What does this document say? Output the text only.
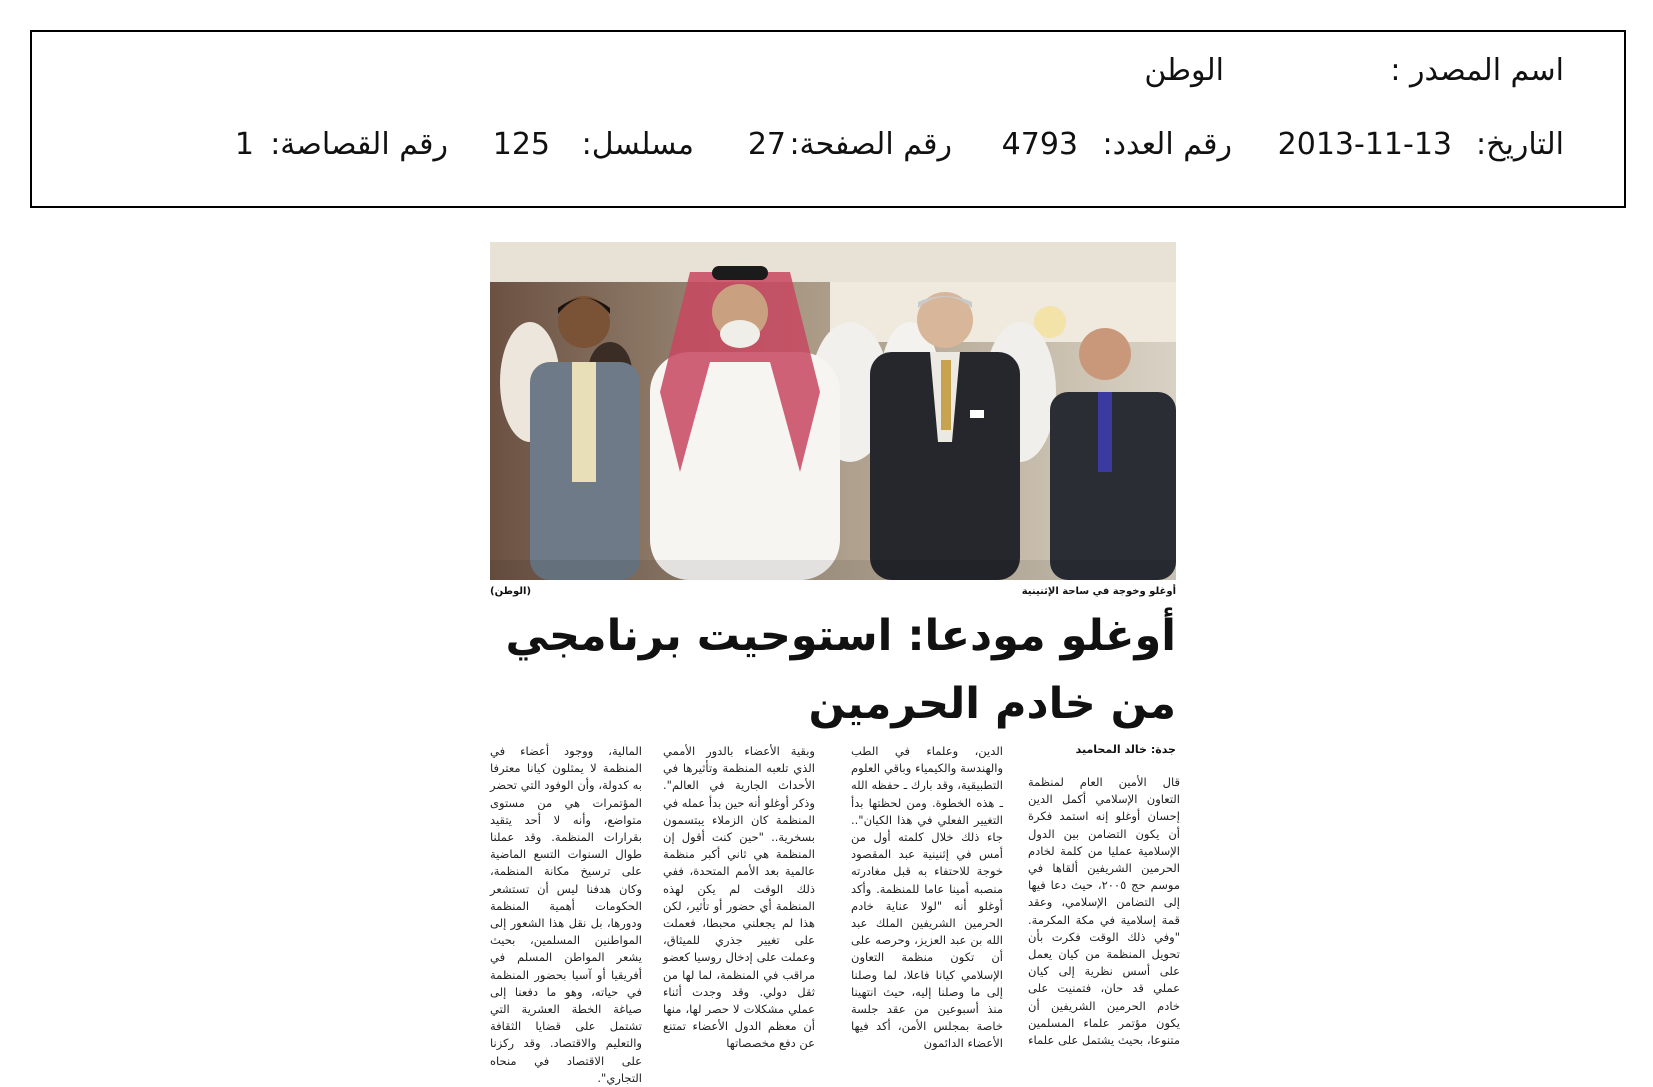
اسم المصدر :
الوطن
التاريخ:
2013-11-13
رقم العدد:
4793
رقم الصفحة:
27
مسلسل:
125
رقم القصاصة:
1
(الوطن)	أوغلو وخوجة في ساحة الإثنينية
أوغلو مودعا: استوحيت برنامجي
من خادم الحرمين
جدة: خالد المحاميد

قال الأمين العام لمنظمة التعاون الإسلامي أكمل الدين إحسان أوغلو إنه استمد فكرة أن يكون التضامن بين الدول الإسلامية عمليا من كلمة لخادم الحرمين الشريفين ألقاها في موسم حج ٢٠٠٥، حيث دعا فيها إلى التضامن الإسلامي، وعقد قمة إسلامية في مكة المكرمة. "وفي ذلك الوقت فكرت بأن تحويل المنظمة من كيان يعمل على أسس نظرية إلى كيان عملي قد حان، فتمنيت على خادم الحرمين الشريفين أن يكون مؤتمر علماء المسلمين متنوعا، بحيث يشتمل على علماء

الدين، وعلماء في الطب والهندسة والكيمياء وباقي العلوم التطبيقية، وقد بارك ـ حفظه الله ـ هذه الخطوة. ومن لحظتها بدأ التغيير الفعلي في هذا الكيان".. جاء ذلك خلال كلمته أول من أمس في إثنينية عبد المقصود خوجة للاحتفاء به قبل مغادرته منصبه أمينا عاما للمنظمة. وأكد أوغلو أنه "لولا عناية خادم الحرمين الشريفين الملك عبد الله بن عبد العزيز، وحرصه على أن تكون منظمة التعاون الإسلامي كيانا فاعلا، لما وصلنا إلى ما وصلنا إليه، حيث انتهينا منذ أسبوعين من عقد جلسة خاصة بمجلس الأمن، أكد فيها الأعضاء الدائمون

وبقية الأعضاء بالدور الأممي الذي تلعبه المنظمة وتأثيرها في الأحداث الجارية في العالم". وذكر أوغلو أنه حين بدأ عمله في المنظمة كان الزملاء يبتسمون بسخرية.. "حين كنت أقول إن المنظمة هي ثاني أكبر منظمة عالمية بعد الأمم المتحدة، ففي ذلك الوقت لم يكن لهذه المنظمة أي حضور أو تأثير، لكن هذا لم يجعلني محبطا، فعملت على تغيير جذري للميثاق، وعملت على إدخال روسيا كعضو مراقب في المنظمة، لما لها من ثقل دولي. وقد وجدت أثناء عملي مشكلات لا حصر لها، منها أن معظم الدول الأعضاء تمتنع عن دفع مخصصاتها

المالية، ووجود أعضاء في المنظمة لا يمثلون كيانا معترفا به كدولة، وأن الوفود التي تحضر المؤتمرات هي من مستوى متواضع، وأنه لا أحد يتقيد بقرارات المنظمة. وقد عملنا طوال السنوات التسع الماضية على ترسيخ مكانة المنظمة، وكان هدفنا ليس أن تستشعر الحكومات أهمية المنظمة ودورها، بل نقل هذا الشعور إلى المواطنين المسلمين، بحيث يشعر المواطن المسلم في أفريقيا أو آسيا بحضور المنظمة في حياته، وهو ما دفعنا إلى صياغة الخطة العشرية التي تشتمل على قضايا الثقافة والتعليم والاقتصاد. وقد ركزنا على الاقتصاد في منحاه التجاري".
